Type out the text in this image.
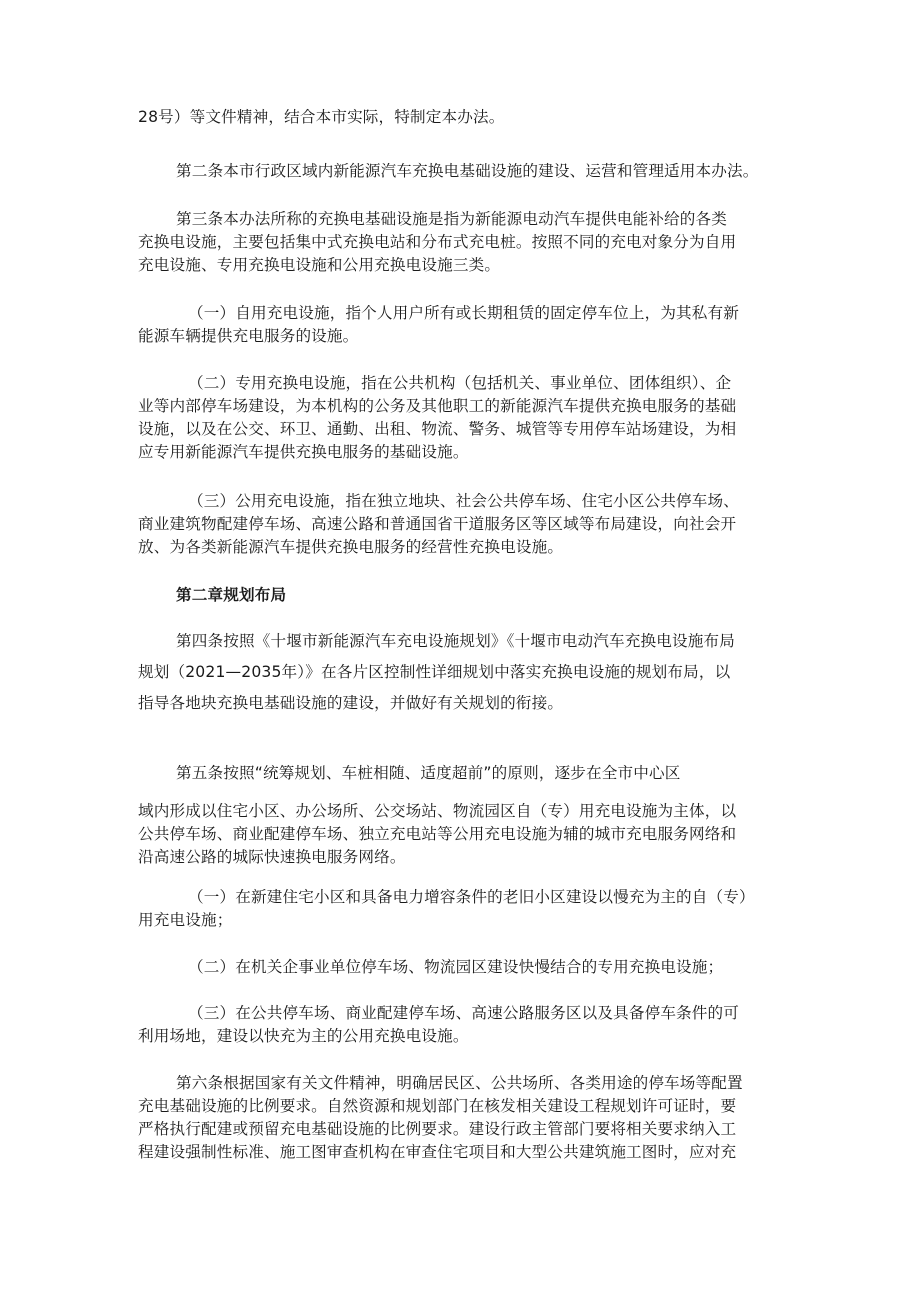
28号）等文件精神，结合本市实际，特制定本办法。

第二条本市行政区域内新能源汽车充换电基础设施的建设、运营和管理适用本办法。

第三条本办法所称的充换电基础设施是指为新能源电动汽车提供电能补给的各类
充换电设施，主要包括集中式充换电站和分布式充电桩。按照不同的充电对象分为自用
充电设施、专用充换电设施和公用充换电设施三类。

（一）自用充电设施，指个人用户所有或长期租赁的固定停车位上，为其私有新
能源车辆提供充电服务的设施。

（二）专用充换电设施，指在公共机构（包括机关、事业单位、团体组织）、企
业等内部停车场建设，为本机构的公务及其他职工的新能源汽车提供充换电服务的基础
设施，以及在公交、环卫、通勤、出租、物流、警务、城管等专用停车站场建设，为相
应专用新能源汽车提供充换电服务的基础设施。

（三）公用充电设施，指在独立地块、社会公共停车场、住宅小区公共停车场、
商业建筑物配建停车场、高速公路和普通国省干道服务区等区域等布局建设，向社会开
放、为各类新能源汽车提供充换电服务的经营性充换电设施。

第二章规划布局

第四条按照《十堰市新能源汽车充电设施规划》《十堰市电动汽车充换电设施布局
规划（2021—2035年）》在各片区控制性详细规划中落实充换电设施的规划布局，以
指导各地块充换电基础设施的建设，并做好有关规划的衔接。

第五条按照“统筹规划、车桩相随、适度超前”的原则，逐步在全市中心区

域内形成以住宅小区、办公场所、公交场站、物流园区自（专）用充电设施为主体，以
公共停车场、商业配建停车场、独立充电站等公用充电设施为辅的城市充电服务网络和
沿高速公路的城际快速换电服务网络。

（一）在新建住宅小区和具备电力增容条件的老旧小区建设以慢充为主的自（专）
用充电设施；

（二）在机关企事业单位停车场、物流园区建设快慢结合的专用充换电设施；

（三）在公共停车场、商业配建停车场、高速公路服务区以及具备停车条件的可
利用场地，建设以快充为主的公用充换电设施。

第六条根据国家有关文件精神，明确居民区、公共场所、各类用途的停车场等配置
充电基础设施的比例要求。自然资源和规划部门在核发相关建设工程规划许可证时，要
严格执行配建或预留充电基础设施的比例要求。建设行政主管部门要将相关要求纳入工
程建设强制性标准、施工图审查机构在审查住宅项目和大型公共建筑施工图时，应对充
